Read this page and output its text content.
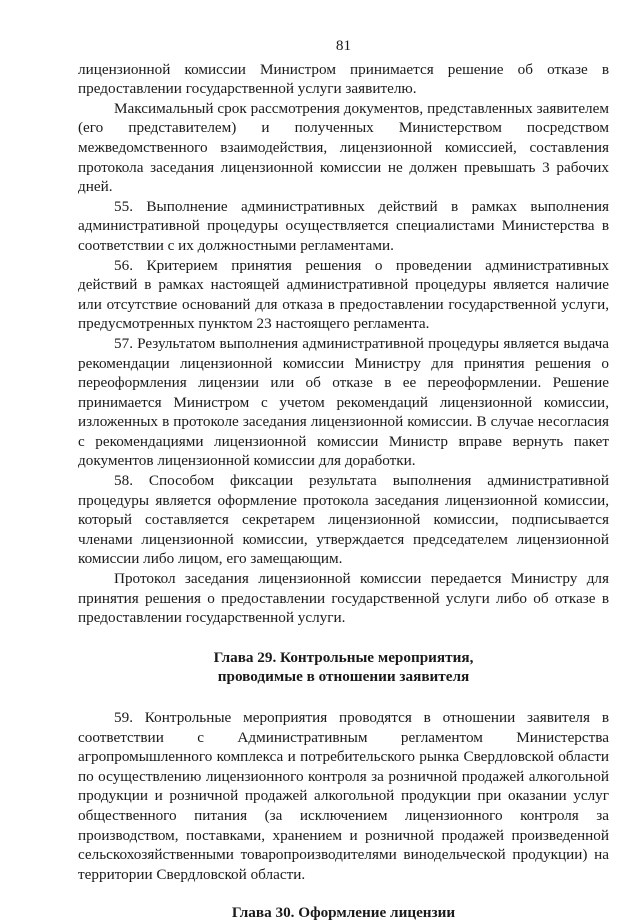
81

лицензионной комиссии Министром принимается решение об отказе в предоставлении государственной услуги заявителю.

Максимальный срок рассмотрения документов, представленных заявителем (его представителем) и полученных Министерством посредством межведомственного взаимодействия, лицензионной комиссией, составления протокола заседания лицензионной комиссии не должен превышать 3 рабочих дней.

55. Выполнение административных действий в рамках выполнения административной процедуры осуществляется специалистами Министерства в соответствии с их должностными регламентами.

56. Критерием принятия решения о проведении административных действий в рамках настоящей административной процедуры является наличие или отсутствие оснований для отказа в предоставлении государственной услуги, предусмотренных пунктом 23 настоящего регламента.

57. Результатом выполнения административной процедуры является выдача рекомендации лицензионной комиссии Министру для принятия решения о переоформления лицензии или об отказе в ее переоформлении. Решение принимается Министром с учетом рекомендаций лицензионной комиссии, изложенных в протоколе заседания лицензионной комиссии. В случае несогласия с рекомендациями лицензионной комиссии Министр вправе вернуть пакет документов лицензионной комиссии для доработки.

58. Способом фиксации результата выполнения административной процедуры является оформление протокола заседания лицензионной комиссии, который составляется секретарем лицензионной комиссии, подписывается членами лицензионной комиссии, утверждается председателем лицензионной комиссии либо лицом, его замещающим.

Протокол заседания лицензионной комиссии передается Министру для принятия решения о предоставлении государственной услуги либо об отказе в предоставлении государственной услуги.

Глава 29. Контрольные мероприятия,
проводимые в отношении заявителя

59. Контрольные мероприятия проводятся в отношении заявителя в соответствии с Административным регламентом Министерства агропромышленного комплекса и потребительского рынка Свердловской области по осуществлению лицензионного контроля за розничной продажей алкогольной продукции и розничной продажей алкогольной продукции при оказании услуг общественного питания (за исключением лицензионного контроля за производством, поставками, хранением и розничной продажей произведенной сельскохозяйственными товаропроизводителями винодельческой продукции) на территории Свердловской области.

Глава 30. Оформление лицензии
